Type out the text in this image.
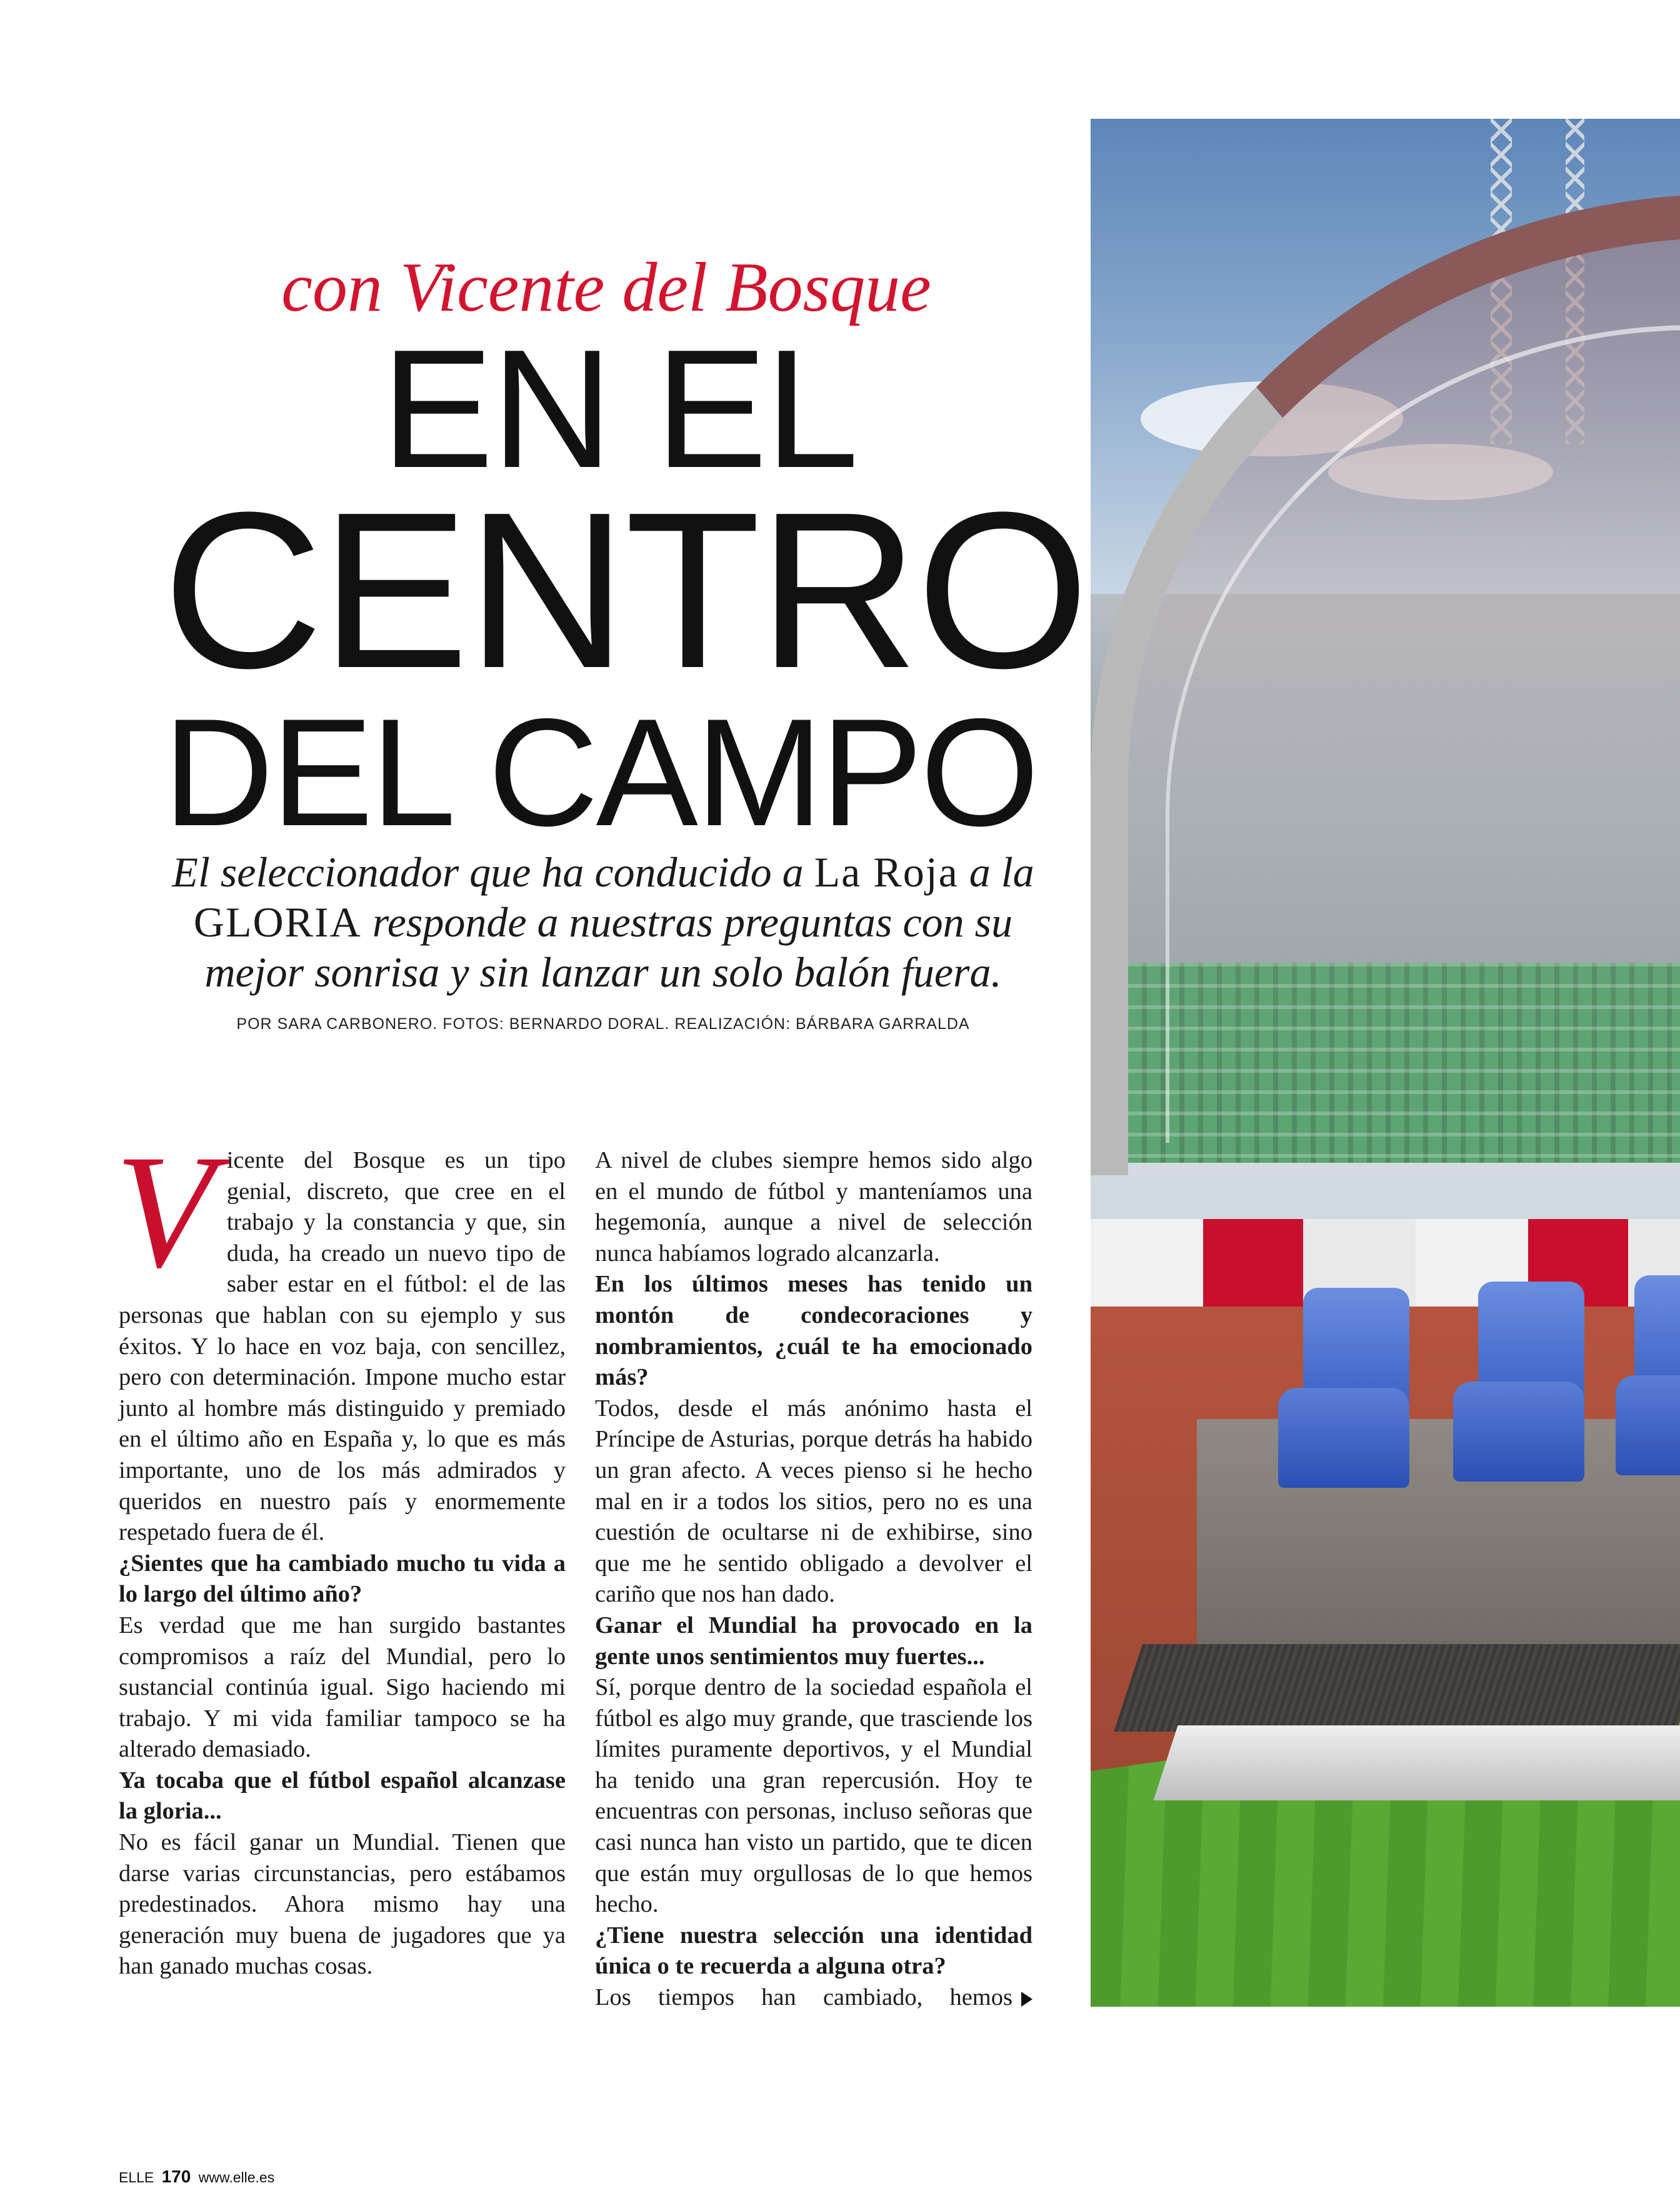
con Vicente del Bosque
EN EL
CENTRO
DEL CAMPO
El seleccionador que ha conducido a La Roja a la
GLORIA responde a nuestras preguntas con su mejor sonrisa y sin lanzar un solo balón fuera.
POR SARA CARBONERO. FOTOS: BERNARDO DORAL. REALIZACIÓN: BÁRBARA GARRALDA

Vicente del Bosque es un tipo genial, discreto, que cree en el trabajo y la constancia y que, sin duda, ha creado un nuevo tipo de saber estar en el fútbol: el de las personas que hablan con su ejemplo y sus éxitos. Y lo hace en voz baja, con sencillez, pero con determinación. Impone mucho estar junto al hombre más distinguido y premiado en el último año en España y, lo que es más importante, uno de los más admirados y queridos en nuestro país y enormemente respetado fuera de él.

¿Sientes que ha cambiado mucho tu vida a lo largo del último año?

Es verdad que me han surgido bastantes compromisos a raíz del Mundial, pero lo sustancial continúa igual. Sigo haciendo mi trabajo. Y mi vida familiar tampoco se ha alterado demasiado.

Ya tocaba que el fútbol español alcanzase la gloria...

No es fácil ganar un Mundial. Tienen que darse varias circunstancias, pero estábamos predestinados. Ahora mismo hay una generación muy buena de jugadores que ya han ganado muchas cosas.

A nivel de clubes siempre hemos sido algo en el mundo de fútbol y manteníamos una hegemonía, aunque a nivel de selección nunca habíamos logrado alcanzarla.

En los últimos meses has tenido un montón de condecoraciones y nombramientos, ¿cuál te ha emocionado más?

Todos, desde el más anónimo hasta el Príncipe de Asturias, porque detrás ha habido un gran afecto. A veces pienso si he hecho mal en ir a todos los sitios, pero no es una cuestión de ocultarse ni de exhibirse, sino que me he sentido obligado a devolver el cariño que nos han dado.

Ganar el Mundial ha provocado en la gente unos sentimientos muy fuertes...

Sí, porque dentro de la sociedad española el fútbol es algo muy grande, que trasciende los límites puramente deportivos, y el Mundial ha tenido una gran repercusión. Hoy te encuentras con personas, incluso señoras que casi nunca han visto un partido, que te dicen que están muy orgullosas de lo que hemos hecho.

¿Tiene nuestra selección una identidad única o te recuerda a alguna otra?

Los tiempos han cambiado, hemos

ELLE 170 www.elle.es
